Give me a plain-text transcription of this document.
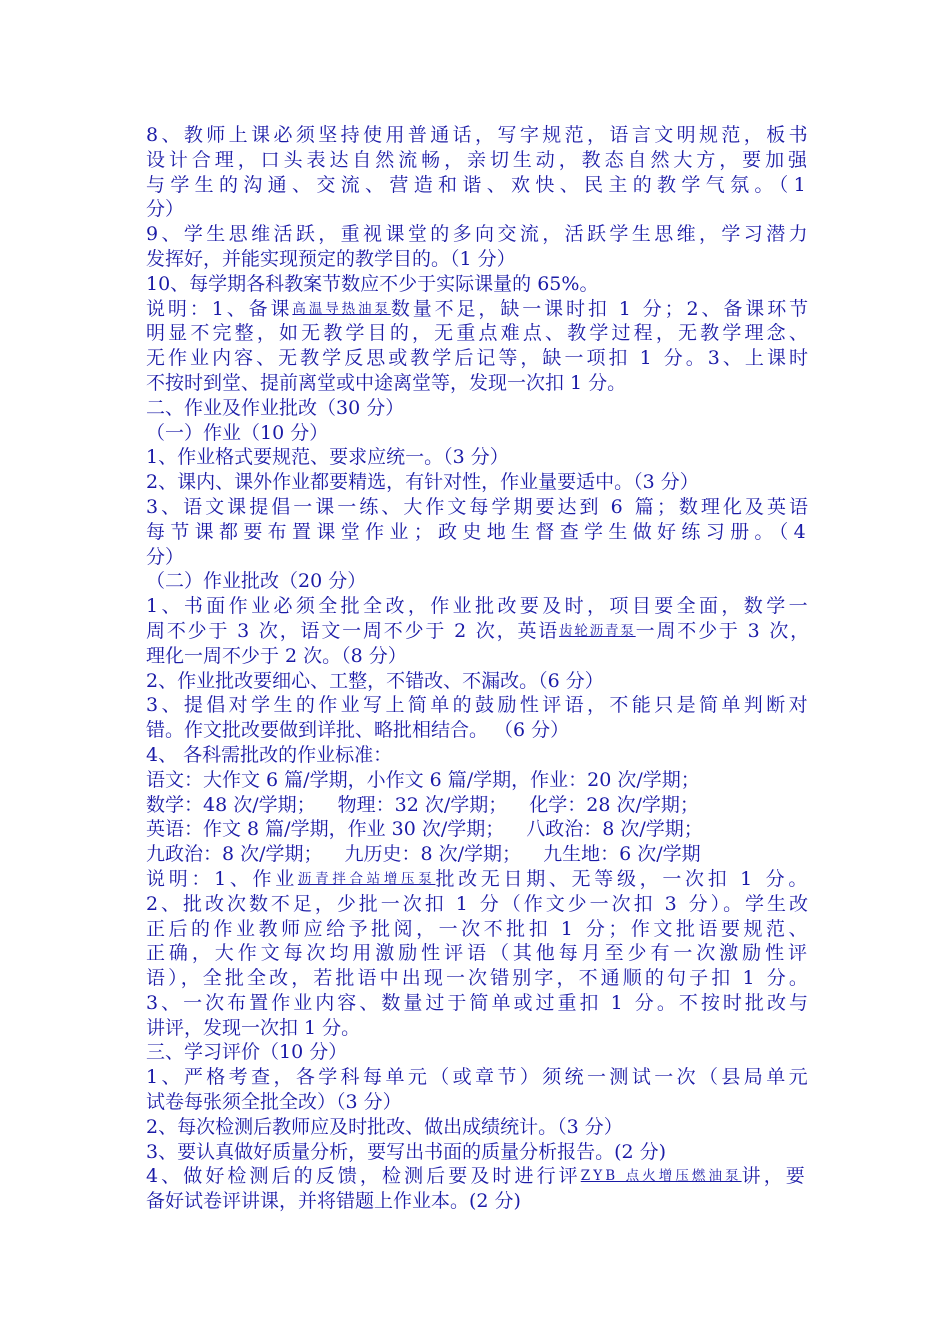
8、教师上课必须坚持使用普通话，写字规范，语言文明规范，板书
设计合理，口头表达自然流畅，亲切生动，教态自然大方，要加强
与学生的沟通、交流、营造和谐、欢快、民主的教学气氛。（1
分）
9、学生思维活跃，重视课堂的多向交流，活跃学生思维，学习潜力
发挥好，并能实现预定的教学目的。（1 分）
10、每学期各科教案节数应不少于实际课量的 65%。
说明：1、备课 高温导热油泵 数量不足，缺一课时扣 1 分；2、备课环节
明显不完整，如无教学目的，无重点难点、教学过程，无教学理念、
无作业内容、无教学反思或教学后记等，缺一项扣 1 分。3、上课时
不按时到堂、提前离堂或中途离堂等，发现一次扣 1 分。
二、作业及作业批改（30 分）
（一）作业（10 分）
1、作业格式要规范、要求应统一。（3 分）
2、课内、课外作业都要精选，有针对性，作业量要适中。（3 分）
3、语文课提倡一课一练、大作文每学期要达到 6 篇；数理化及英语
每节课都要布置课堂作业；政史地生督查学生做好练习册。（4
分）
（二）作业批改（20 分）
1、书面作业必须全批全改，作业批改要及时，项目要全面，数学一
周不少于 3 次，语文一周不少于 2 次，英语 齿轮沥青泵 一周不少于 3 次，
理化一周不少于 2 次。（8 分）
2、作业批改要细心、工整，不错改、不漏改。（6 分）
3、提倡对学生的作业写上简单的鼓励性评语，不能只是简单判断对
错。作文批改要做到详批、略批相结合。 （6 分）
4、 各科需批改的作业标准：
语文：大作文 6 篇/学期，小作文 6 篇/学期，作业：20 次/学期；
数学：48 次/学期； 物理：32 次/学期； 化学：28 次/学期；
英语：作文 8 篇/学期，作业 30 次/学期； 八政治：8 次/学期；
九政治：8 次/学期； 九历史：8 次/学期； 九生地：6 次/学期
说明：1、作业 沥青拌合站增压泵 批改无日期、无等级，一次扣 1 分。
2、批改次数不足，少批一次扣 1 分（作文少一次扣 3 分）。学生改
正后的作业教师应给予批阅，一次不批扣 1 分；作文批语要规范、
正确，大作文每次均用激励性评语（其他每月至少有一次激励性评
语），全批全改，若批语中出现一次错别字，不通顺的句子扣 1 分。
3、一次布置作业内容、数量过于简单或过重扣 1 分。不按时批改与
讲评，发现一次扣 1 分。
三、学习评价（10 分）
1、严格考查，各学科每单元（或章节）须统一测试一次（县局单元
试卷每张须全批全改）（3 分）
2、每次检测后教师应及时批改、做出成绩统计。（3 分）
3、要认真做好质量分析，要写出书面的质量分析报告。(2 分)
4、做好检测后的反馈，检测后要及时进行评 ZYB 点火增压燃油泵 讲，要
备好试卷评讲课，并将错题上作业本。(2 分)
